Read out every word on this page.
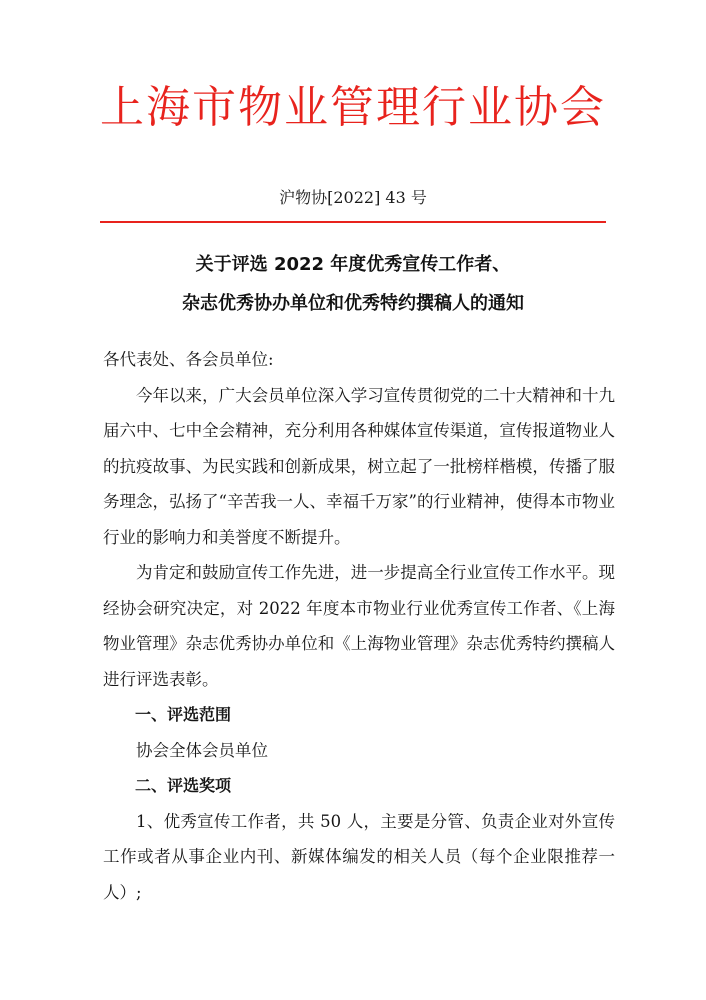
上海市物业管理行业协会
沪物协[2022] 43 号
关于评选 2022 年度优秀宣传工作者、
杂志优秀协办单位和优秀特约撰稿人的通知

各代表处、各会员单位:

今年以来，广大会员单位深入学习宣传贯彻党的二十大精神和十九届六中、七中全会精神，充分利用各种媒体宣传渠道，宣传报道物业人的抗疫故事、为民实践和创新成果，树立起了一批榜样楷模，传播了服务理念，弘扬了“辛苦我一人、幸福千万家”的行业精神，使得本市物业行业的影响力和美誉度不断提升。

为肯定和鼓励宣传工作先进，进一步提高全行业宣传工作水平。现经协会研究决定，对 2022 年度本市物业行业优秀宣传工作者、《上海物业管理》杂志优秀协办单位和《上海物业管理》杂志优秀特约撰稿人进行评选表彰。

一、评选范围

协会全体会员单位

二、评选奖项

1、优秀宣传工作者，共 50 人，主要是分管、负责企业对外宣传工作或者从事企业内刊、新媒体编发的相关人员（每个企业限推荐一人）;
